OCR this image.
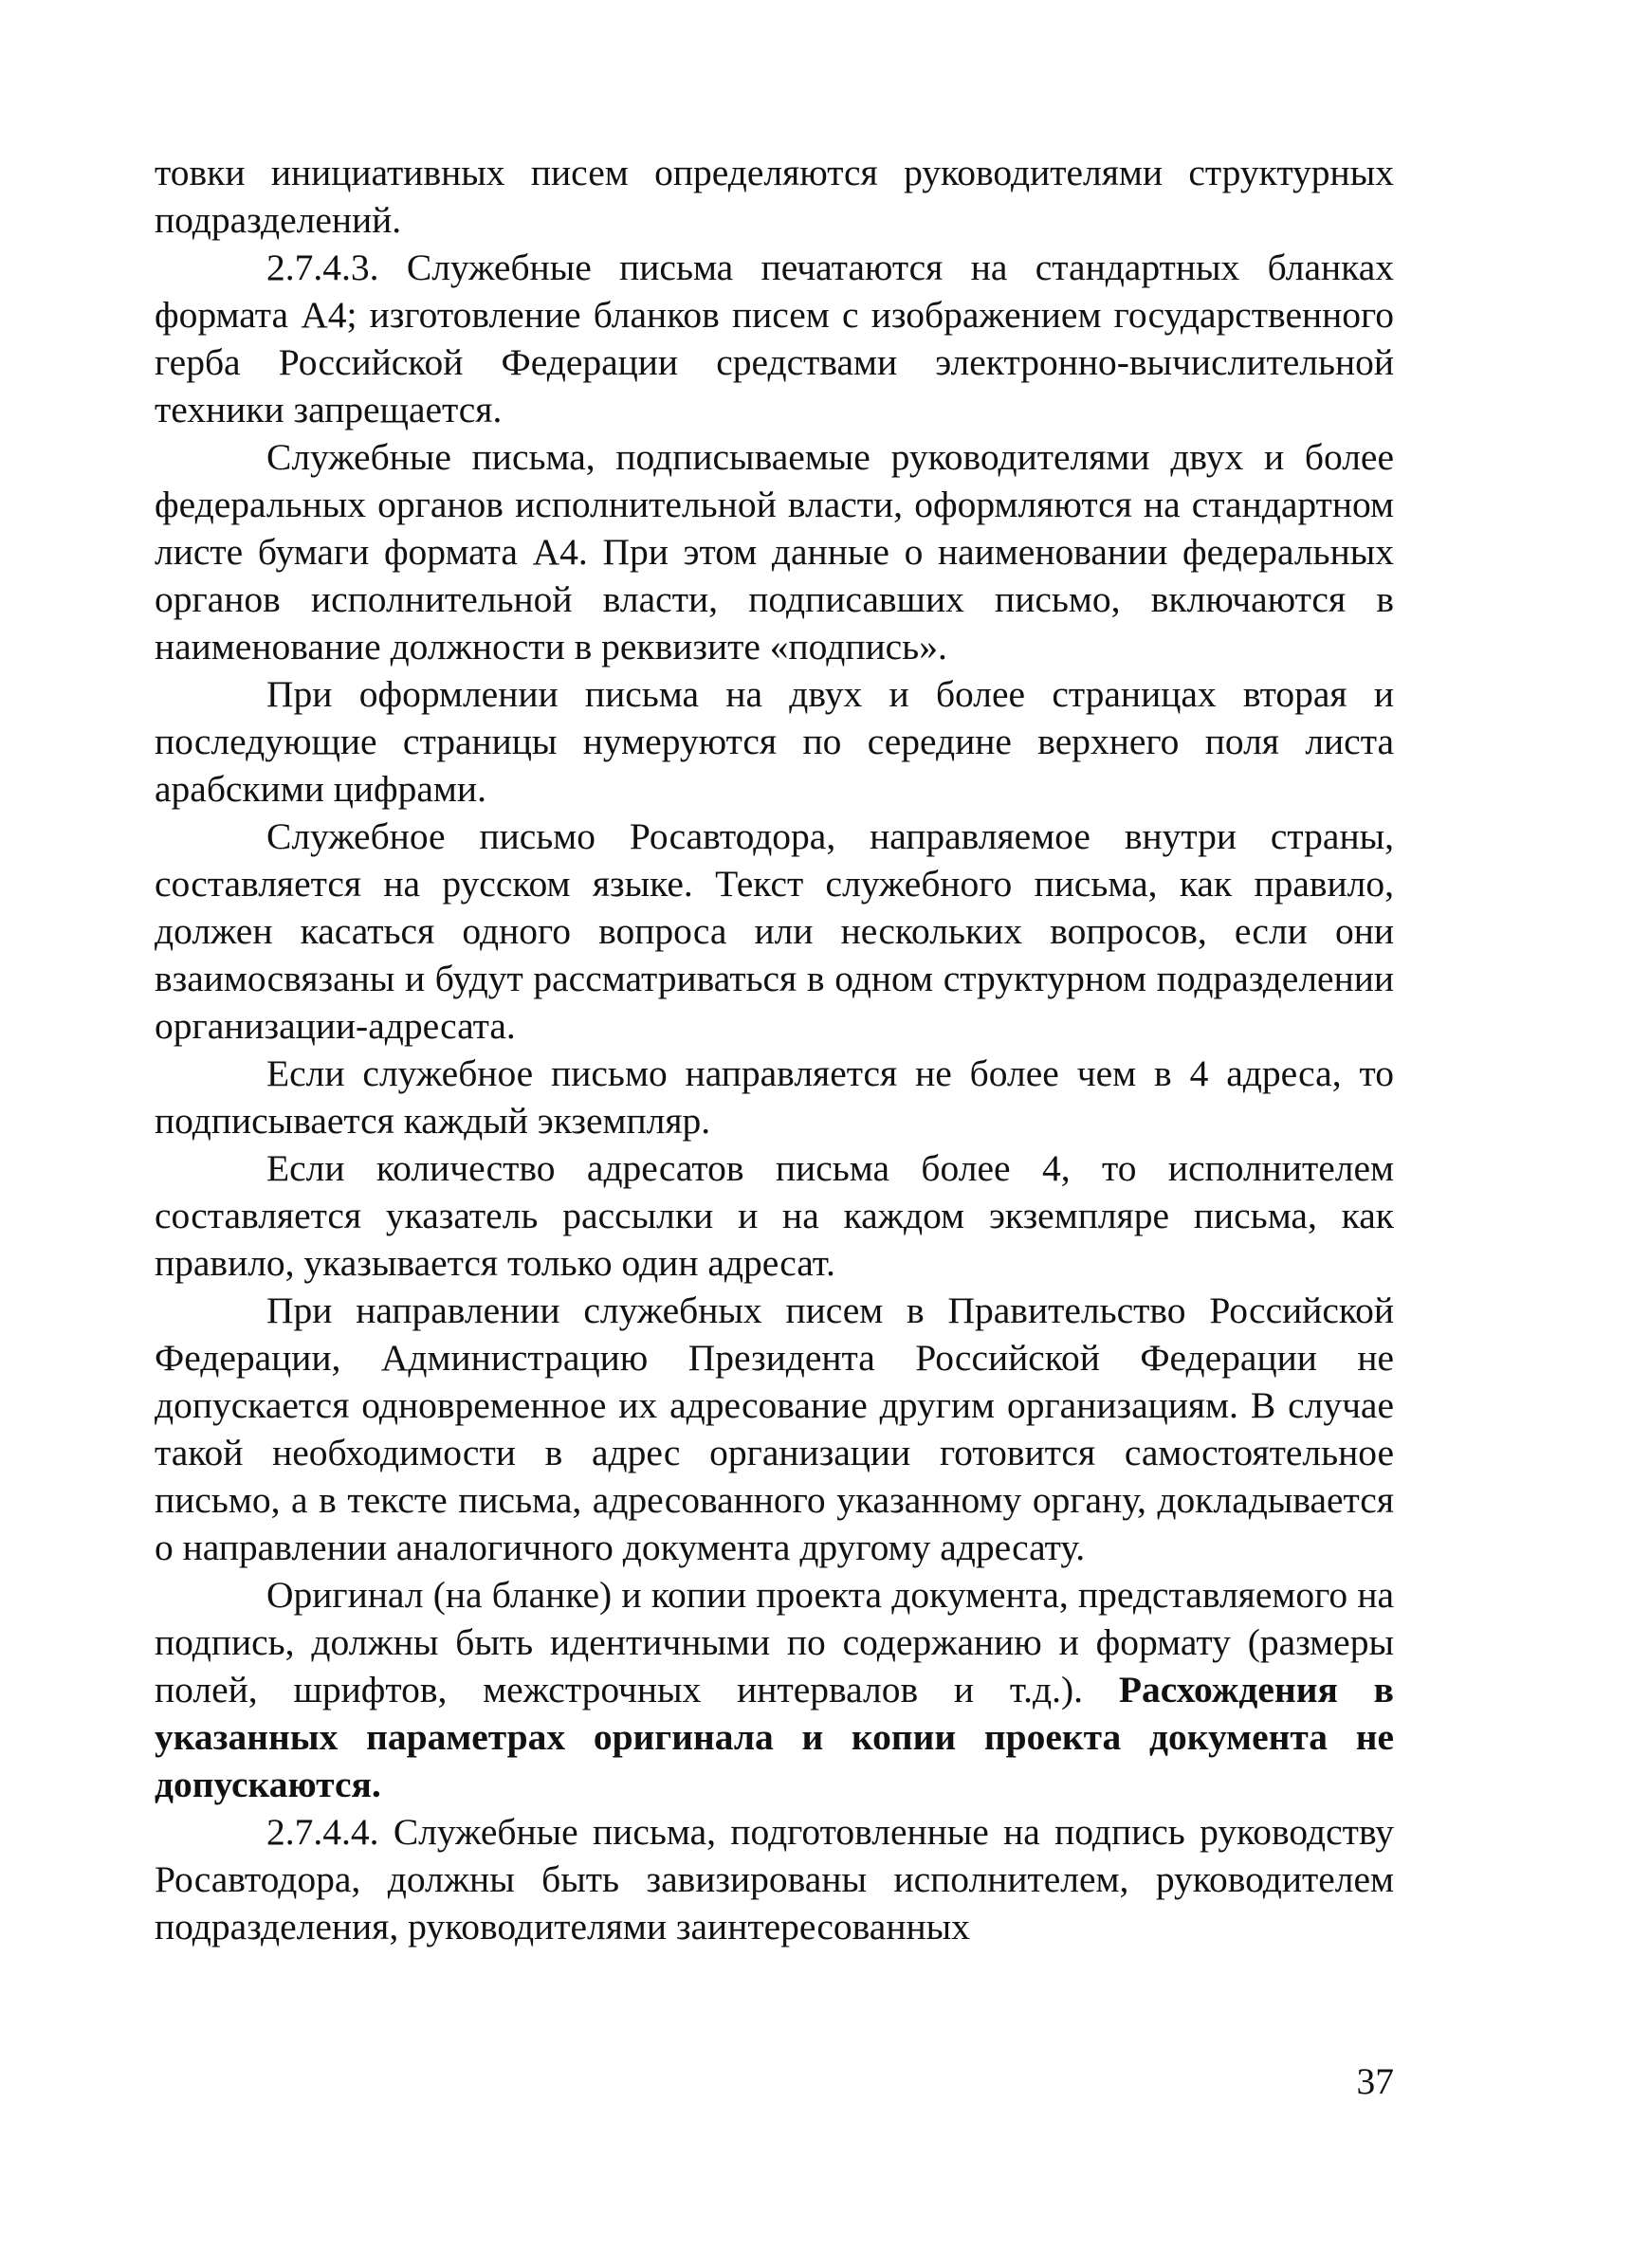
товки инициативных писем определяются руководителями структурных подразделений.

2.7.4.3. Служебные письма печатаются на стандартных бланках формата А4; изготовление бланков писем с изображением государственного герба Российской Федерации средствами электронно-вычислительной техники запрещается.

Служебные письма, подписываемые руководителями двух и более федеральных органов исполнительной власти, оформляются на стандартном листе бумаги формата А4. При этом данные о наименовании федеральных органов исполнительной власти, подписавших письмо, включаются в наименование должности в реквизите «подпись».

При оформлении письма на двух и более страницах вторая и последующие страницы нумеруются по середине верхнего поля листа арабскими цифрами.

Служебное письмо Росавтодора, направляемое внутри страны, составляется на русском языке. Текст служебного письма, как правило, должен касаться одного вопроса или нескольких вопросов, если они взаимосвязаны и будут рассматриваться в одном структурном подразделении организации-адресата.

Если служебное письмо направляется не более чем в 4 адреса, то подписывается каждый экземпляр.

Если количество адресатов письма более 4, то исполнителем составляется указатель рассылки и на каждом экземпляре письма, как правило, указывается только один адресат.

При направлении служебных писем в Правительство Российской Федерации, Администрацию Президента Российской Федерации не допускается одновременное их адресование другим организациям. В случае такой необходимости в адрес организации готовится самостоятельное письмо, а в тексте письма, адресованного указанному органу, докладывается о направлении аналогичного документа другому адресату.

Оригинал (на бланке) и копии проекта документа, представляемого на подпись, должны быть идентичными по содержанию и формату (размеры полей, шрифтов, межстрочных интервалов и т.д.). Расхождения в указанных параметрах оригинала и копии проекта документа не допускаются.

2.7.4.4. Служебные письма, подготовленные на подпись руководству Росавтодора, должны быть завизированы исполнителем, руководителем подразделения, руководителями заинтересованных

37
